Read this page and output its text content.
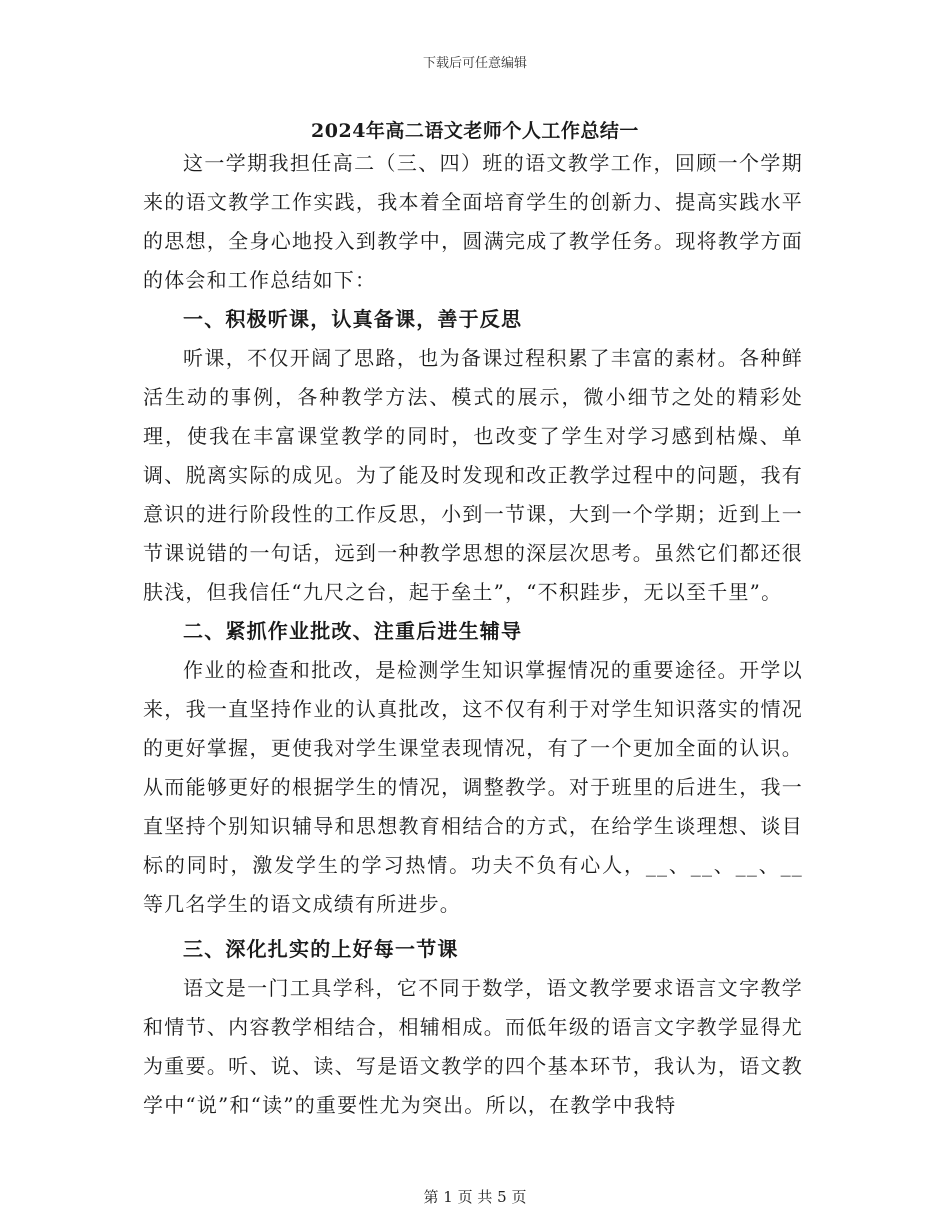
下载后可任意编辑
2024年高二语文老师个人工作总结一

这一学期我担任高二（三、四）班的语文教学工作，回顾一个学期来的语文教学工作实践，我本着全面培育学生的创新力、提高实践水平的思想，全身心地投入到教学中，圆满完成了教学任务。现将教学方面的体会和工作总结如下：

一、积极听课，认真备课，善于反思

听课，不仅开阔了思路，也为备课过程积累了丰富的素材。各种鲜活生动的事例，各种教学方法、模式的展示，微小细节之处的精彩处理，使我在丰富课堂教学的同时，也改变了学生对学习感到枯燥、单调、脱离实际的成见。为了能及时发现和改正教学过程中的问题，我有意识的进行阶段性的工作反思，小到一节课，大到一个学期；近到上一节课说错的一句话，远到一种教学思想的深层次思考。虽然它们都还很肤浅，但我信任“九尺之台，起于垒土”，“不积跬步，无以至千里”。

二、紧抓作业批改、注重后进生辅导

作业的检查和批改，是检测学生知识掌握情况的重要途径。开学以来，我一直坚持作业的认真批改，这不仅有利于对学生知识落实的情况的更好掌握，更使我对学生课堂表现情况，有了一个更加全面的认识。从而能够更好的根据学生的情况，调整教学。对于班里的后进生，我一直坚持个别知识辅导和思想教育相结合的方式，在给学生谈理想、谈目标的同时，激发学生的学习热情。功夫不负有心人，__、__、__、__等几名学生的语文成绩有所进步。

三、深化扎实的上好每一节课

语文是一门工具学科，它不同于数学，语文教学要求语言文字教学和情节、内容教学相结合，相辅相成。而低年级的语言文字教学显得尤为重要。听、说、读、写是语文教学的四个基本环节，我认为，语文教学中“说”和“读”的重要性尤为突出。所以，在教学中我特

第 1 页 共 5 页
